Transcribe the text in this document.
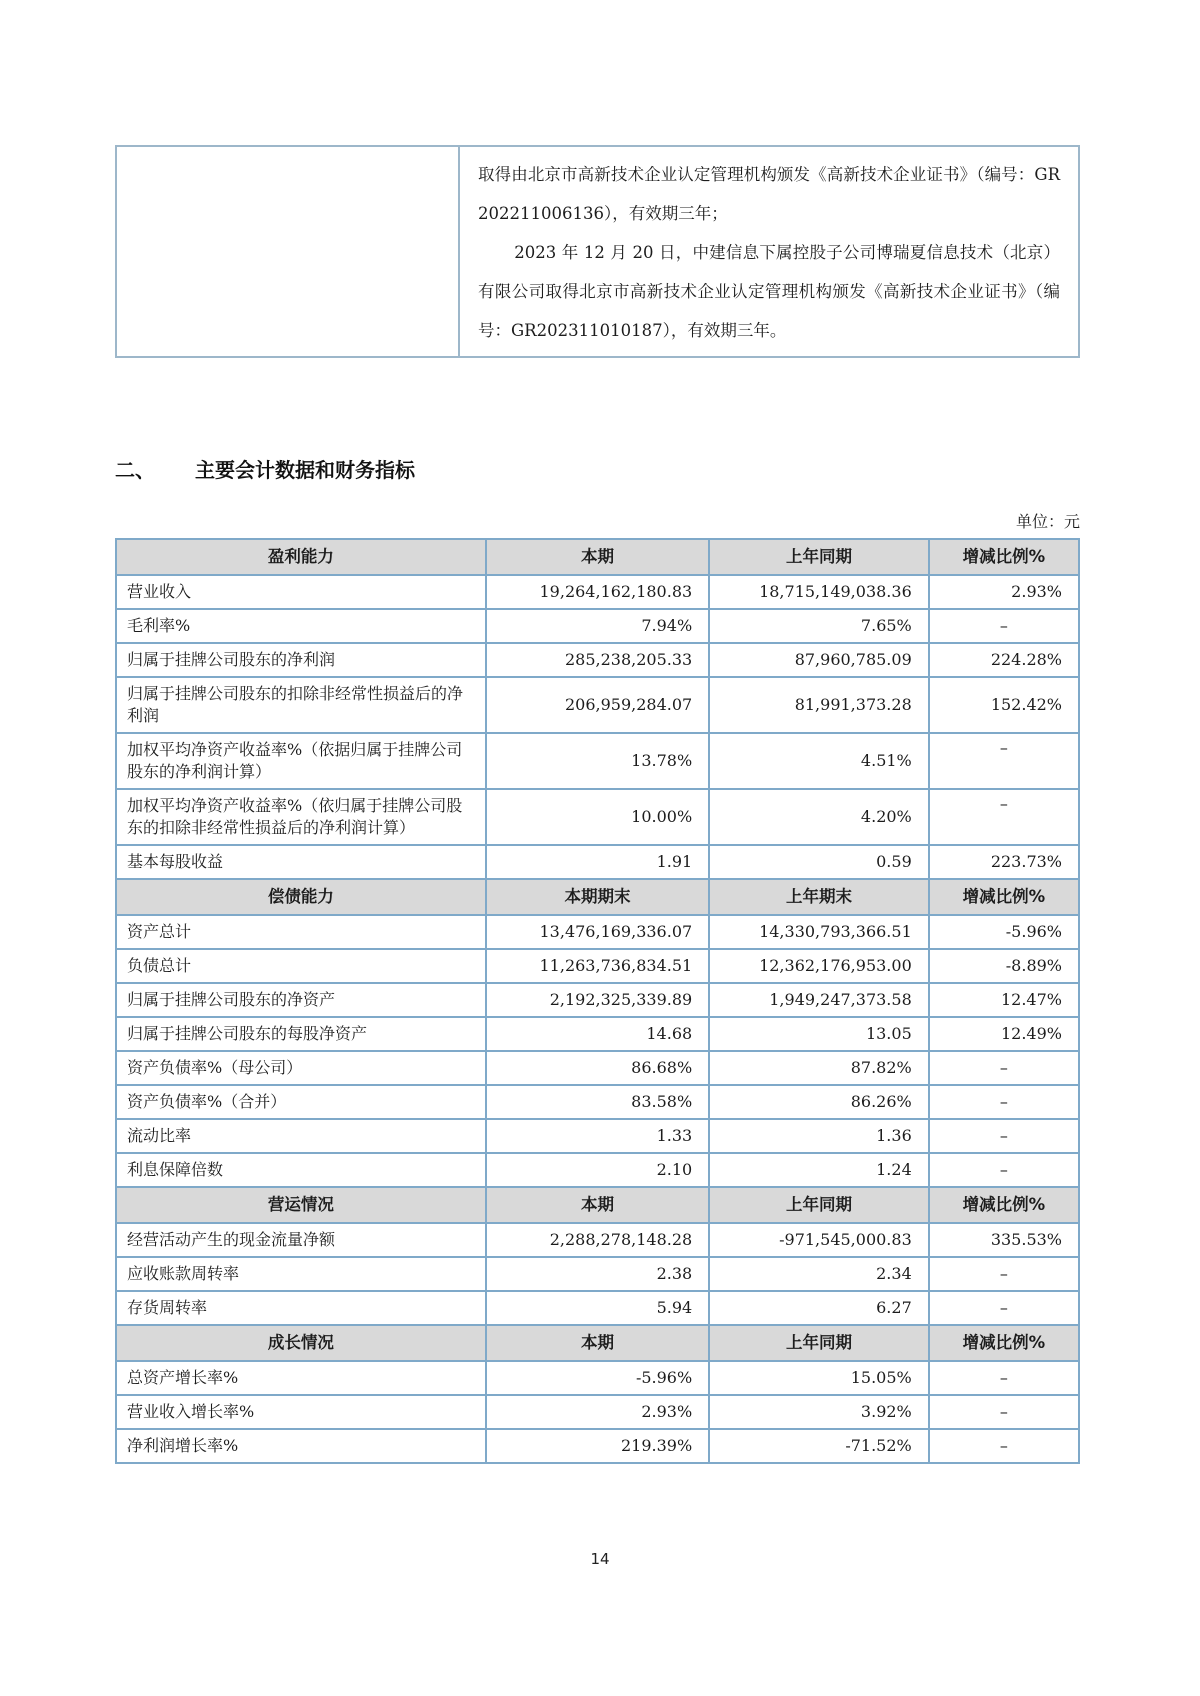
取得由北京市高新技术企业认定管理机构颁发《高新技术企业证书》（编号：GR202211006136），有效期三年；

2023 年 12 月 20 日，中建信息下属控股子公司博瑞夏信息技术（北京）有限公司取得北京市高新技术企业认定管理机构颁发《高新技术企业证书》（编号：GR202311010187），有效期三年。

二、	主要会计数据和财务指标
单位：元
盈利能力	本期	上年同期	增减比例%
营业收入	19,264,162,180.83	18,715,149,038.36	2.93%
毛利率%	7.94%	7.65%	–
归属于挂牌公司股东的净利润	285,238,205.33	87,960,785.09	224.28%
归属于挂牌公司股东的扣除非经常性损益后的净利润	206,959,284.07	81,991,373.28	152.42%
加权平均净资产收益率%（依据归属于挂牌公司股东的净利润计算）	13.78%	4.51%	–
加权平均净资产收益率%（依归属于挂牌公司股东的扣除非经常性损益后的净利润计算）	10.00%	4.20%	–
基本每股收益	1.91	0.59	223.73%
偿债能力	本期期末	上年期末	增减比例%
资产总计	13,476,169,336.07	14,330,793,366.51	-5.96%
负债总计	11,263,736,834.51	12,362,176,953.00	-8.89%
归属于挂牌公司股东的净资产	2,192,325,339.89	1,949,247,373.58	12.47%
归属于挂牌公司股东的每股净资产	14.68	13.05	12.49%
资产负债率%（母公司）	86.68%	87.82%	–
资产负债率%（合并）	83.58%	86.26%	–
流动比率	1.33	1.36	–
利息保障倍数	2.10	1.24	–
营运情况	本期	上年同期	增减比例%
经营活动产生的现金流量净额	2,288,278,148.28	-971,545,000.83	335.53%
应收账款周转率	2.38	2.34	–
存货周转率	5.94	6.27	–
成长情况	本期	上年同期	增减比例%
总资产增长率%	-5.96%	15.05%	–
营业收入增长率%	2.93%	3.92%	–
净利润增长率%	219.39%	-71.52%	–
14
